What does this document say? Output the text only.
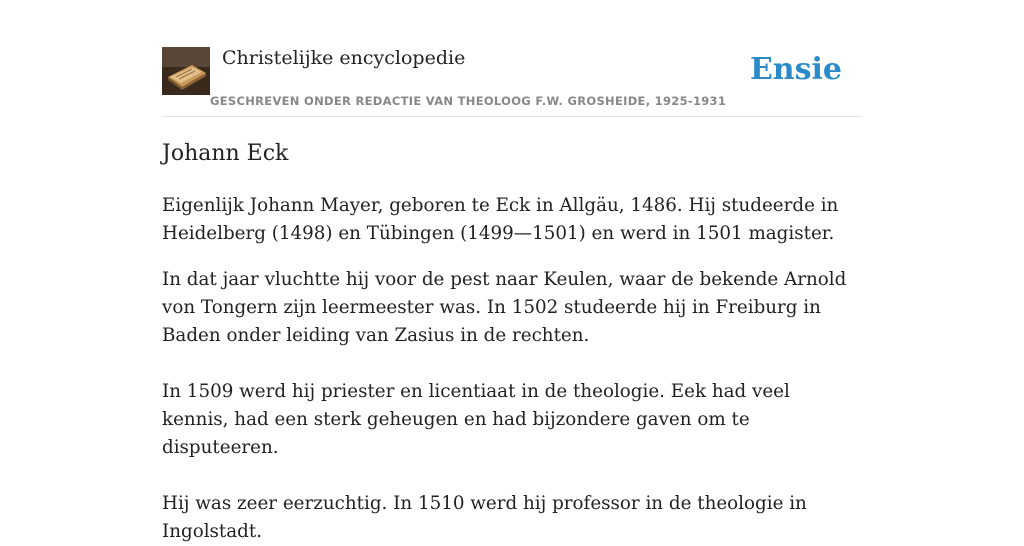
Christelijke encyclopedie
GESCHREVEN ONDER REDACTIE VAN THEOLOOG F.W. GROSHEIDE, 1925-1931
Ensie
Johann Eck

Eigenlijk Johann Mayer, geboren te Eck in Allgäu, 1486. Hij studeerde in Heidelberg (1498) en Tübingen (1499—1501) en werd in 1501 magister.

In dat jaar vluchtte hij voor de pest naar Keulen, waar de bekende Arnold von Tongern zijn leermeester was. In 1502 studeerde hij in Freiburg in Baden onder leiding van Zasius in de rechten.

In 1509 werd hij priester en licentiaat in de theologie. Eek had veel kennis, had een sterk geheugen en had bijzondere gaven om te disputeeren.

Hij was zeer eerzuchtig. In 1510 werd hij professor in de theologie in Ingolstadt.
